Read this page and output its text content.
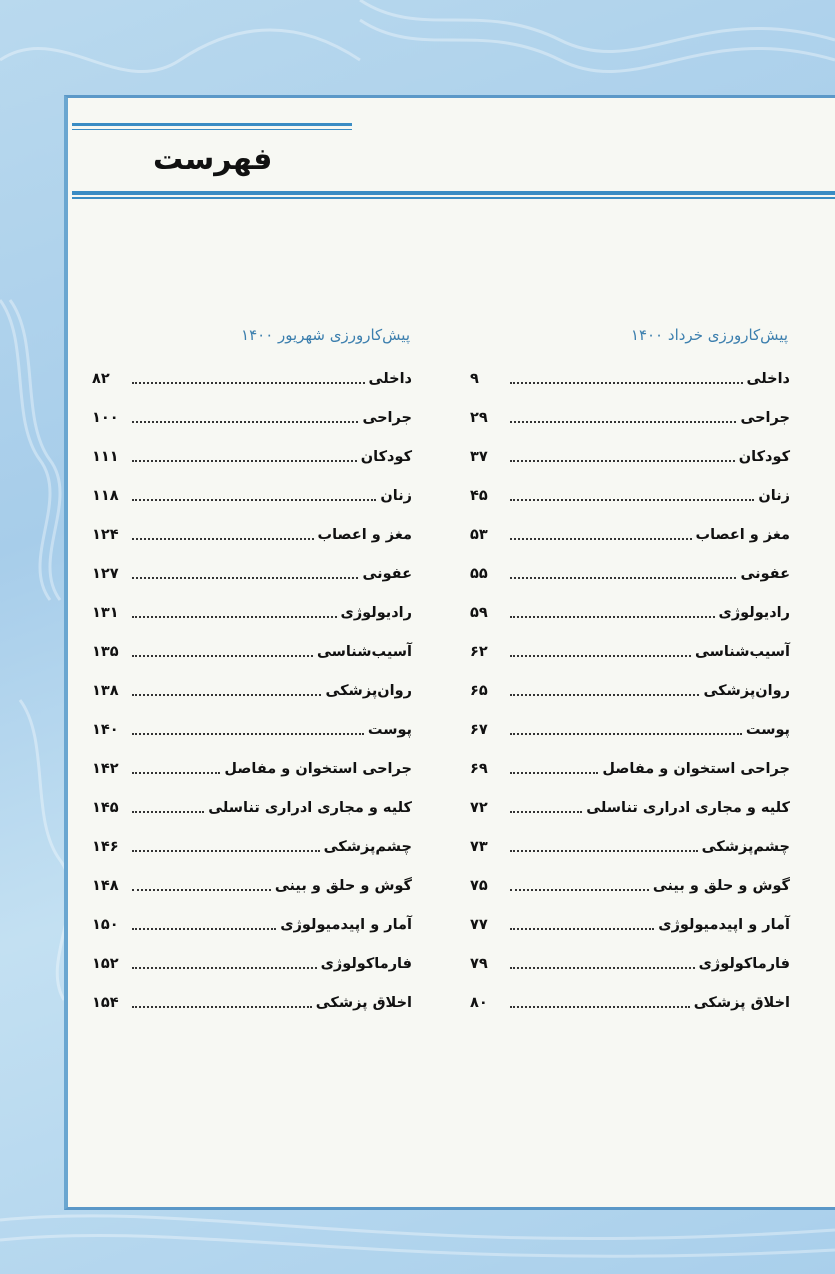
فهرست
پیش‌کارورزی خرداد ۱۴۰۰
داخلی
۹
جراحی
۲۹
کودکان
۳۷
زنان
۴۵
مغز و اعصاب
۵۳
عفونی
۵۵
رادیولوژی
۵۹
آسیب‌شناسی
۶۲
روان‌پزشکی
۶۵
پوست
۶۷
جراحی استخوان و مفاصل
۶۹
کلیه و مجاری ادراری تناسلی
۷۲
چشم‌پزشکی
۷۳
گوش و حلق و بینی
۷۵
آمار و اپیدمیولوژی
۷۷
فارماکولوژی
۷۹
اخلاق پزشکی
۸۰
پیش‌کارورزی شهریور ۱۴۰۰
داخلی
۸۲
جراحی
۱۰۰
کودکان
۱۱۱
زنان
۱۱۸
مغز و اعصاب
۱۲۴
عفونی
۱۲۷
رادیولوژی
۱۳۱
آسیب‌شناسی
۱۳۵
روان‌پزشکی
۱۳۸
پوست
۱۴۰
جراحی استخوان و مفاصل
۱۴۲
کلیه و مجاری ادراری تناسلی
۱۴۵
چشم‌پزشکی
۱۴۶
گوش و حلق و بینی
۱۴۸
آمار و اپیدمیولوژی
۱۵۰
فارماکولوژی
۱۵۲
اخلاق پزشکی
۱۵۴
